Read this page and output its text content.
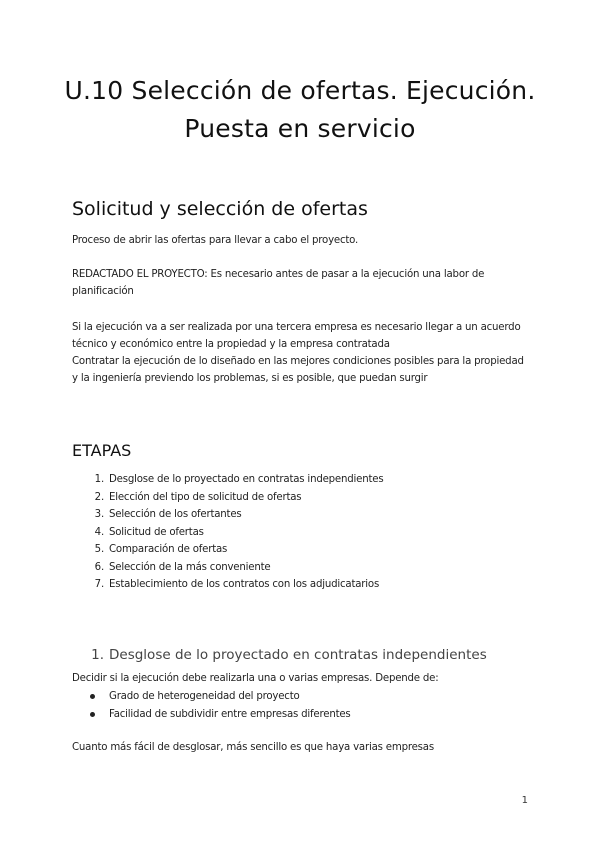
U.10 Selección de ofertas. Ejecución.
Puesta en servicio
Solicitud y selección de ofertas

Proceso de abrir las ofertas para llevar a cabo el proyecto.

REDACTADO EL PROYECTO: Es necesario antes de pasar a la ejecución una labor de
planificación

Si la ejecución va a ser realizada por una tercera empresa es necesario llegar a un acuerdo
técnico y económico entre la propiedad y la empresa contratada
Contratar la ejecución de lo diseñado en las mejores condiciones posibles para la propiedad
y la ingeniería previendo los problemas, si es posible, que puedan surgir

ETAPAS
1. Desglose de lo proyectado en contratas independientes
2. Elección del tipo de solicitud de ofertas
3. Selección de los ofertantes
4. Solicitud de ofertas
5. Comparación de ofertas
6. Selección de la más conveniente
7. Establecimiento de los contratos con los adjudicatarios
1. Desglose de lo proyectado en contratas independientes

Decidir si la ejecución debe realizarla una o varias empresas. Depende de:

Grado de heterogeneidad del proyecto
Facilidad de subdividir entre empresas diferentes

Cuanto más fácil de desglosar, más sencillo es que haya varias empresas

1
